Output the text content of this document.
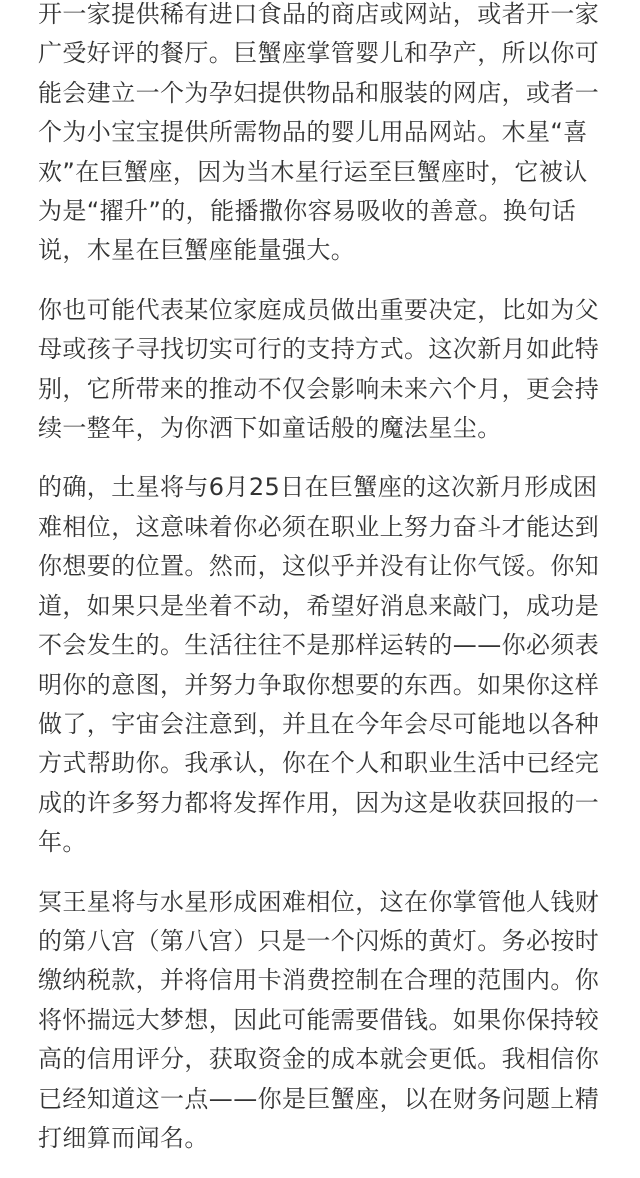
开一家提供稀有进口食品的商店或网站，或者开一家广受好评的餐厅。巨蟹座掌管婴儿和孕产，所以你可能会建立一个为孕妇提供物品和服装的网店，或者一个为小宝宝提供所需物品的婴儿用品网站。木星“喜欢”在巨蟹座，因为当木星行运至巨蟹座时，它被认为是“擢升”的，能播撒你容易吸收的善意。换句话说，木星在巨蟹座能量强大。

你也可能代表某位家庭成员做出重要决定，比如为父母或孩子寻找切实可行的支持方式。这次新月如此特别，它所带来的推动不仅会影响未来六个月，更会持续一整年，为你洒下如童话般的魔法星尘。

的确，土星将与6月25日在巨蟹座的这次新月形成困难相位，这意味着你必须在职业上努力奋斗才能达到你想要的位置。然而，这似乎并没有让你气馁。你知道，如果只是坐着不动，希望好消息来敲门，成功是不会发生的。生活往往不是那样运转的——你必须表明你的意图，并努力争取你想要的东西。如果你这样做了，宇宙会注意到，并且在今年会尽可能地以各种方式帮助你。我承认，你在个人和职业生活中已经完成的许多努力都将发挥作用，因为这是收获回报的一年。

冥王星将与水星形成困难相位，这在你掌管他人钱财的第八宫（第八宫）只是一个闪烁的黄灯。务必按时缴纳税款，并将信用卡消费控制在合理的范围内。你将怀揣远大梦想，因此可能需要借钱。如果你保持较高的信用评分，获取资金的成本就会更低。我相信你已经知道这一点——你是巨蟹座，以在财务问题上精打细算而闻名。
